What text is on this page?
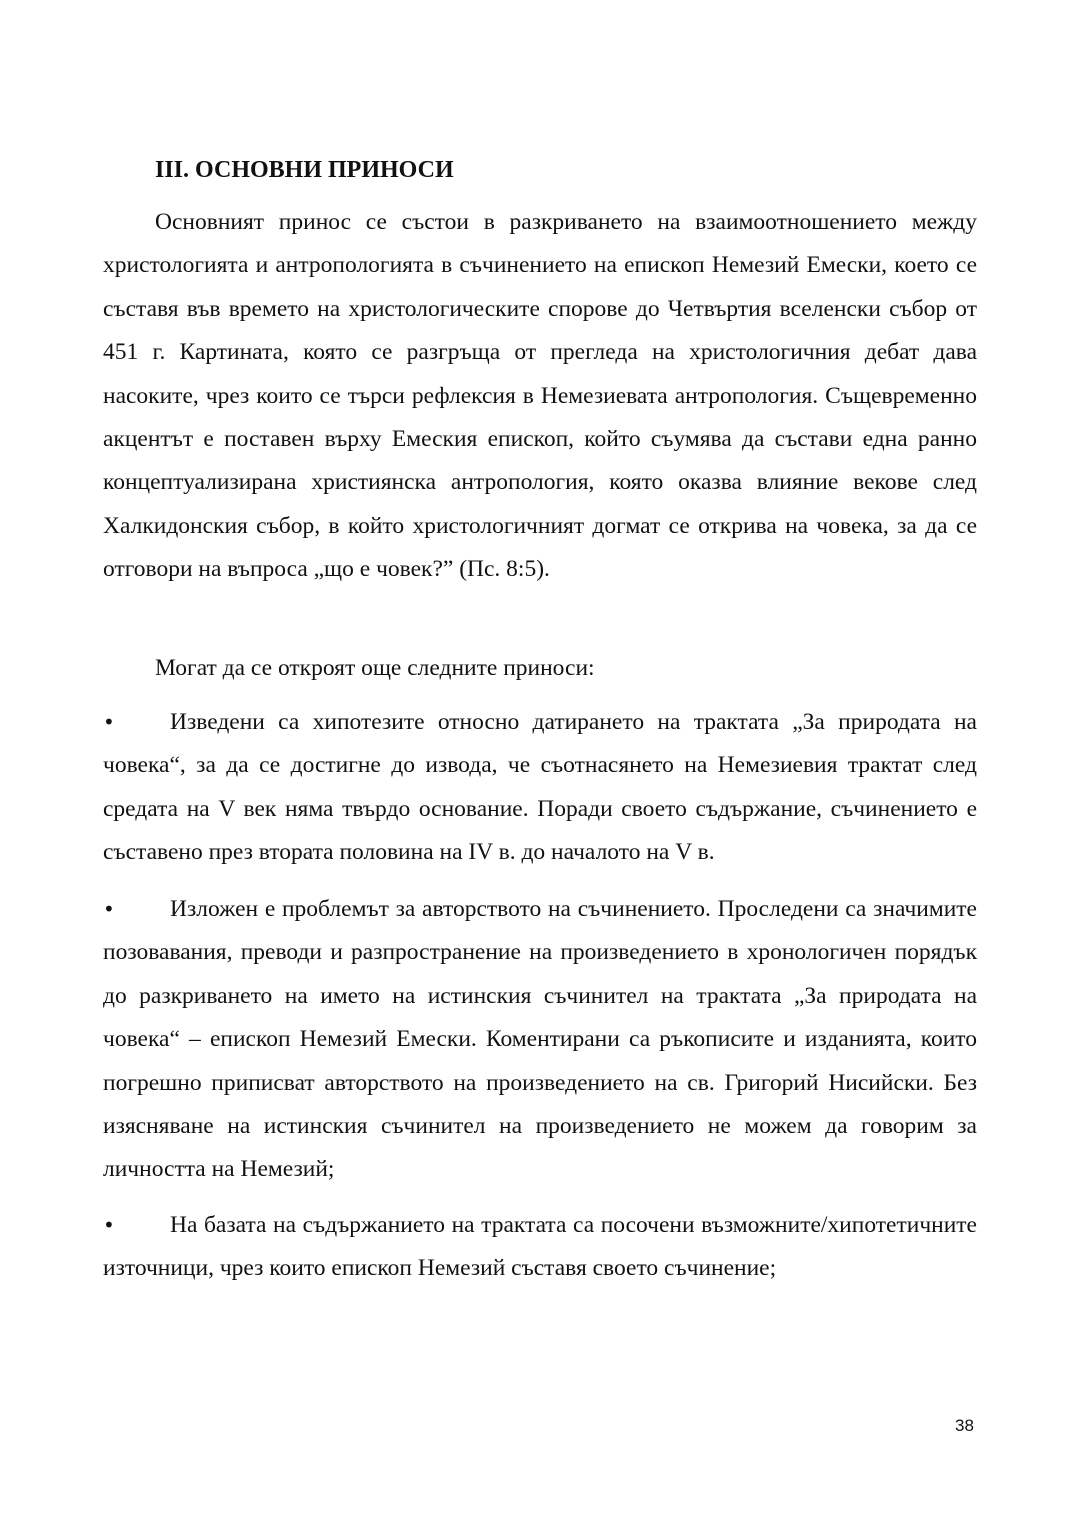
III. ОСНОВНИ ПРИНОСИ

Основният принос се състои в разкриването на взаимоотношението между христологията и антропологията в съчинението на епископ Немезий Емески, което се съставя във времето на христологическите спорове до Четвъртия вселенски събор от 451 г. Картината, която се разгръща от прегледа на христологичния дебат дава насоките, чрез които се търси рефлексия в Немезиевата антропология. Същевременно акцентът е поставен върху Емеския епископ, който съумява да състави една ранно концептуализирана християнска антропология, която оказва влияние векове след Халкидонския събор, в който христологичният догмат се открива на човека, за да се отговори на въпроса „що е човек?” (Пс. 8:5).

Могат да се откроят още следните приноси:

• Изведени са хипотезите относно датирането на трактата „За природата на човека“, за да се достигне до извода, че съотнасянето на Немезиевия трактат след средата на V век няма твърдо основание. Поради своето съдържание, съчинението е съставено през втората половина на IV в. до началото на V в.

• Изложен е проблемът за авторството на съчинението. Проследени са значимите позовавания, преводи и разпространение на произведението в хронологичен порядък до разкриването на името на истинския съчинител на трактата „За природата на човека“ – епископ Немезий Емески. Коментирани са ръкописите и изданията, които погрешно приписват авторството на произведението на св. Григорий Нисийски. Без изясняване на истинския съчинител на произведението не можем да говорим за личността на Немезий;

• На базата на съдържанието на трактата са посочени възможните/хипотетичните източници, чрез които епископ Немезий съставя своето съчинение;

38
